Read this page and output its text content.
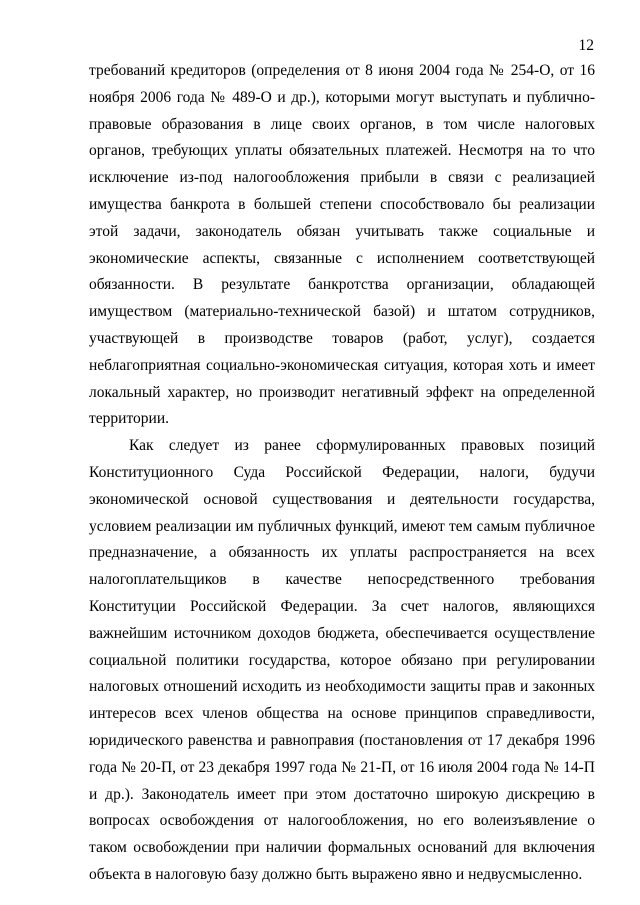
12

требований кредиторов (определения от 8 июня 2004 года № 254-О, от 16 ноября 2006 года № 489-О и др.), которыми могут выступать и публично-правовые образования в лице своих органов, в том числе налоговых органов, требующих уплаты обязательных платежей. Несмотря на то что исключение из-под налогообложения прибыли в связи с реализацией имущества банкрота в большей степени способствовало бы реализации этой задачи, законодатель обязан учитывать также социальные и экономические аспекты, связанные с исполнением соответствующей обязанности. В результате банкротства организации, обладающей имуществом (материально-технической базой) и штатом сотрудников, участвующей в производстве товаров (работ, услуг), создается неблагоприятная социально-экономическая ситуация, которая хоть и имеет локальный характер, но производит негативный эффект на определенной территории.

Как следует из ранее сформулированных правовых позиций Конституционного Суда Российской Федерации, налоги, будучи экономической основой существования и деятельности государства, условием реализации им публичных функций, имеют тем самым публичное предназначение, а обязанность их уплаты распространяется на всех налогоплательщиков в качестве непосредственного требования Конституции Российской Федерации. За счет налогов, являющихся важнейшим источником доходов бюджета, обеспечивается осуществление социальной политики государства, которое обязано при регулировании налоговых отношений исходить из необходимости защиты прав и законных интересов всех членов общества на основе принципов справедливости, юридического равенства и равноправия (постановления от 17 декабря 1996 года № 20-П, от 23 декабря 1997 года № 21-П, от 16 июля 2004 года № 14-П и др.). Законодатель имеет при этом достаточно широкую дискрецию в вопросах освобождения от налогообложения, но его волеизъявление о таком освобождении при наличии формальных оснований для включения объекта в налоговую базу должно быть выражено явно и недвусмысленно.
